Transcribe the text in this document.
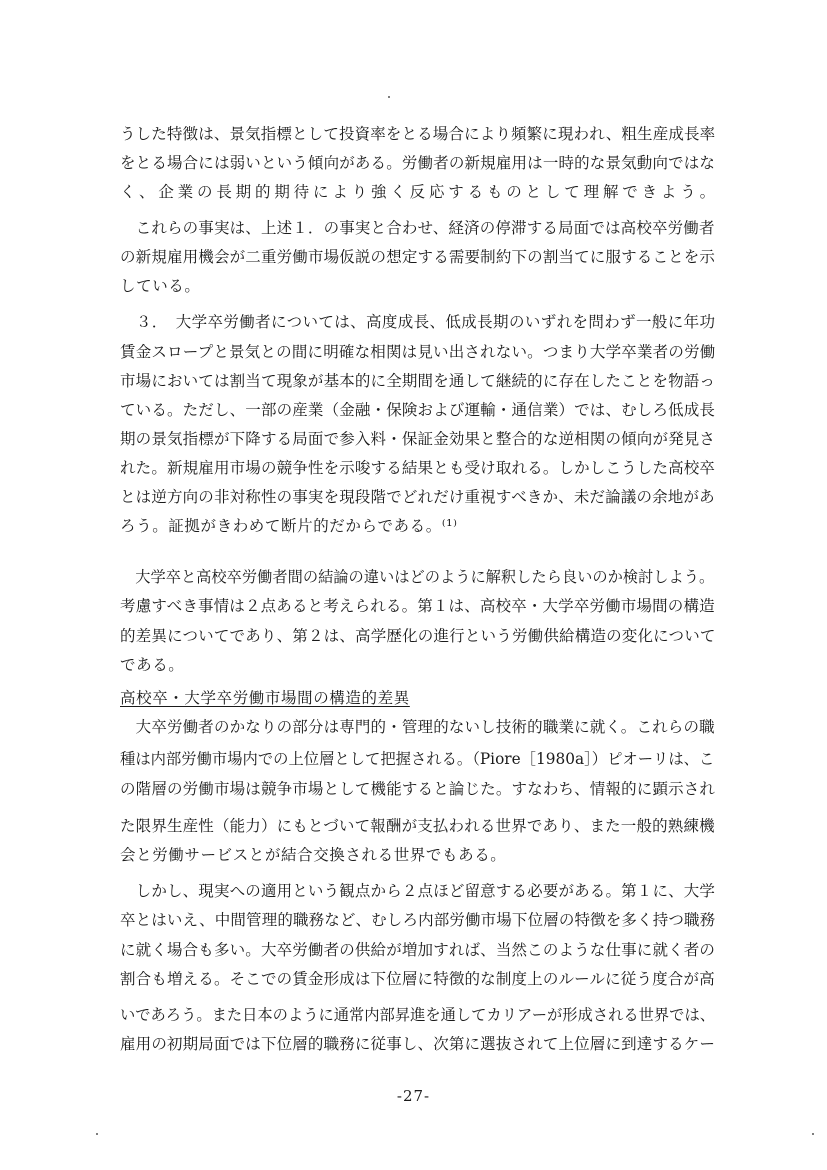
うした特徴は、景気指標として投資率をとる場合により頻繁に現われ、粗生産成長率
をとる場合には弱いという傾向がある。労働者の新規雇用は一時的な景気動向ではな
く、企業の長期的期待により強く反応するものとして理解できよう。
　これらの事実は、上述１．の事実と合わせ、経済の停滞する局面では高校卒労働者
の新規雇用機会が二重労働市場仮説の想定する需要制約下の割当てに服することを示
している。
　３．　大学卒労働者については、高度成長、低成長期のいずれを問わず一般に年功
賃金スロープと景気との間に明確な相関は見い出されない。つまり大学卒業者の労働
市場においては割当て現象が基本的に全期間を通して継続的に存在したことを物語っ
ている。ただし、一部の産業（金融・保険および運輸・通信業）では、むしろ低成長
期の景気指標が下降する局面で参入料・保証金効果と整合的な逆相関の傾向が発見さ
れた。新規雇用市場の競争性を示唆する結果とも受け取れる。しかしこうした高校卒
とは逆方向の非対称性の事実を現段階でどれだけ重視すべきか、未だ論議の余地があ
ろう。証拠がきわめて断片的だからである。⁽¹⁾
　大学卒と高校卒労働者間の結論の違いはどのように解釈したら良いのか検討しよう。
考慮すべき事情は２点あると考えられる。第１は、高校卒・大学卒労働市場間の構造
的差異についてであり、第２は、高学歴化の進行という労働供給構造の変化について
である。
高校卒・大学卒労働市場間の構造的差異
　大卒労働者のかなりの部分は専門的・管理的ないし技術的職業に就く。これらの職
種は内部労働市場内での上位層として把握される。（Piore［1980a］）ピオーリは、こ
の階層の労働市場は競争市場として機能すると論じた。すなわち、情報的に顕示され
た限界生産性（能力）にもとづいて報酬が支払われる世界であり、また一般的熟練機
会と労働サービスとが結合交換される世界でもある。
　しかし、現実への適用という観点から２点ほど留意する必要がある。第１に、大学
卒とはいえ、中間管理的職務など、むしろ内部労働市場下位層の特徴を多く持つ職務
に就く場合も多い。大卒労働者の供給が増加すれば、当然このような仕事に就く者の
割合も増える。そこでの賃金形成は下位層に特徴的な制度上のルールに従う度合が高
いであろう。また日本のように通常内部昇進を通してカリアーが形成される世界では、
雇用の初期局面では下位層的職務に従事し、次第に選抜されて上位層に到達するケー
-27-
